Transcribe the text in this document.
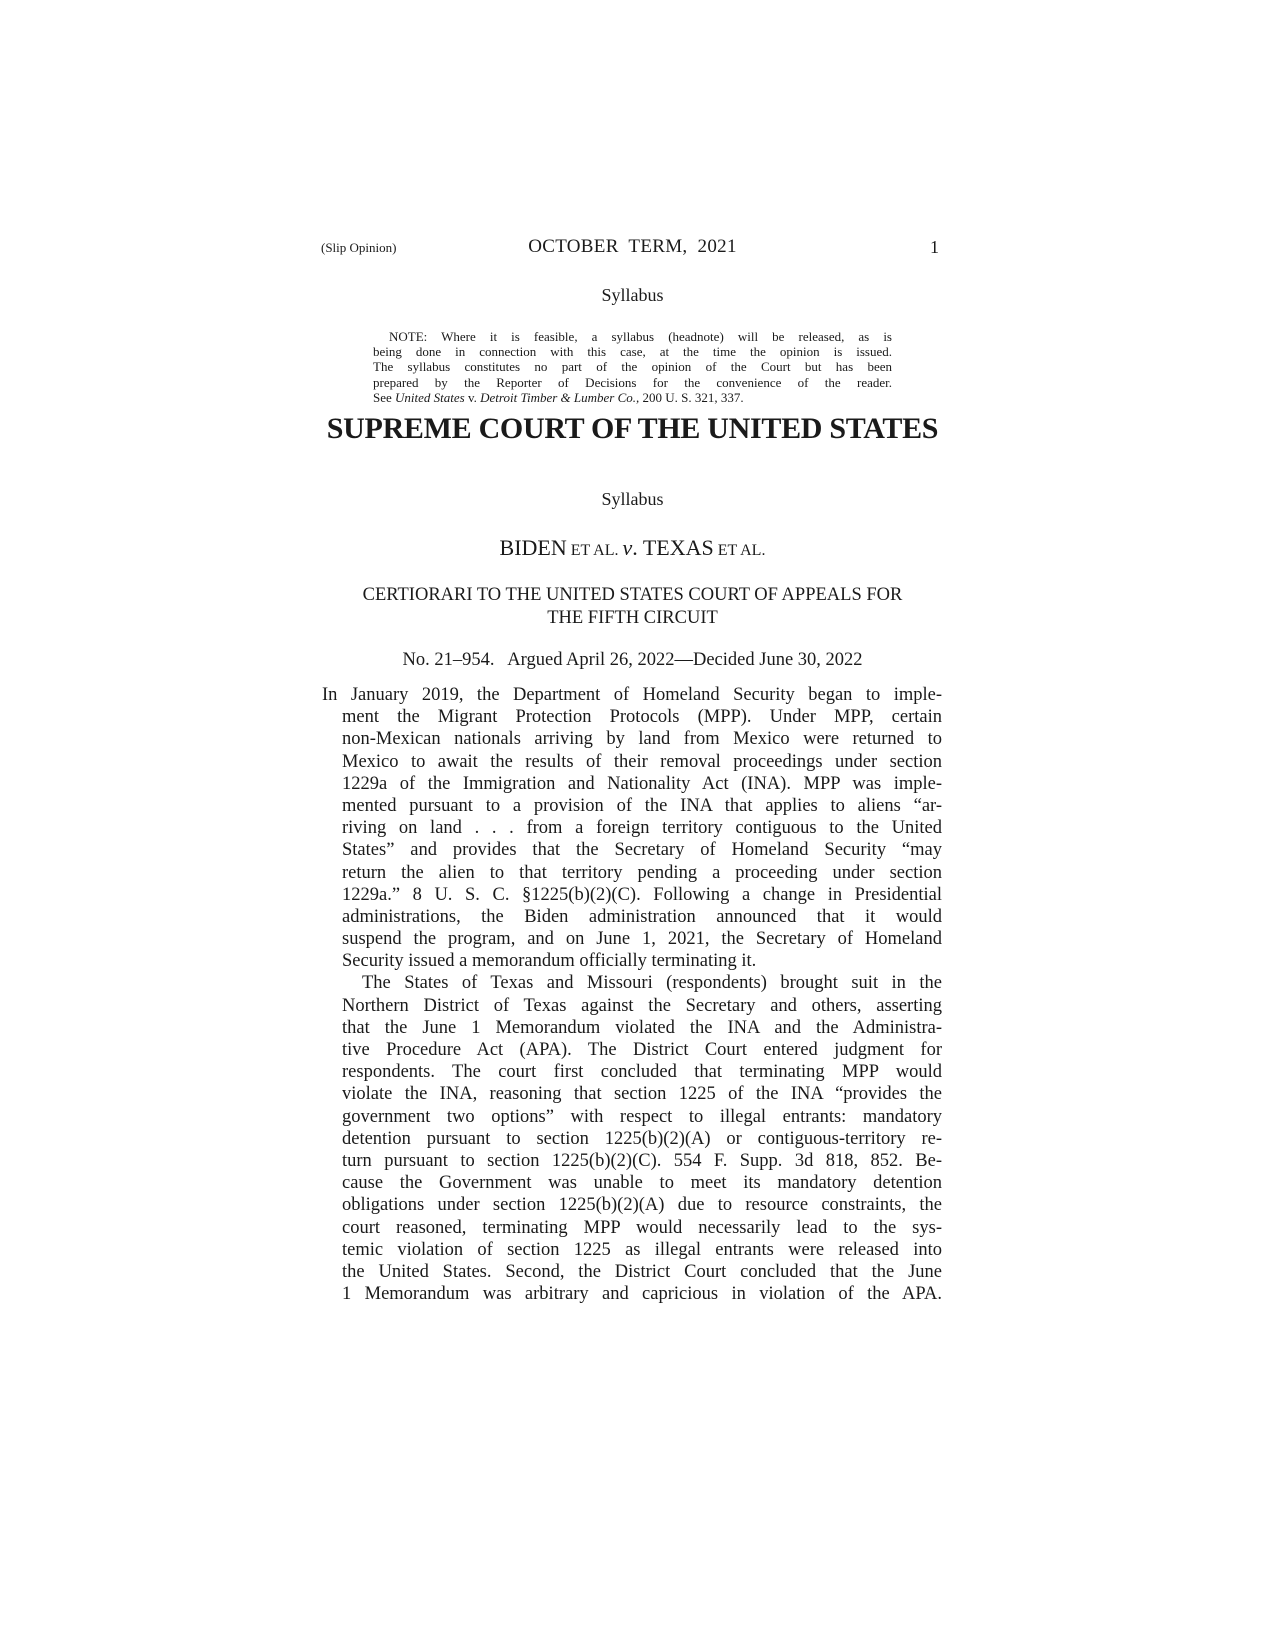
(Slip Opinion)	OCTOBER  TERM,  2021	1
Syllabus
NOTE: Where it is feasible, a syllabus (headnote) will be released, as is
being done in connection with this case, at the time the opinion is issued.
The syllabus constitutes no part of the opinion of the Court but has been
prepared by the Reporter of Decisions for the convenience of the reader.
See United States v. Detroit Timber & Lumber Co., 200 U. S. 321, 337.
SUPREME COURT OF THE UNITED STATES
Syllabus
BIDEN ET AL. v. TEXAS ET AL.
CERTIORARI TO THE UNITED STATES COURT OF APPEALS FOR
THE FIFTH CIRCUIT
No. 21–954.   Argued April 26, 2022—Decided June 30, 2022
In January 2019, the Department of Homeland Security began to imple-
ment the Migrant Protection Protocols (MPP). Under MPP, certain
non-Mexican nationals arriving by land from Mexico were returned to
Mexico to await the results of their removal proceedings under section
1229a of the Immigration and Nationality Act (INA). MPP was imple-
mented pursuant to a provision of the INA that applies to aliens “ar-
riving on land . . . from a foreign territory contiguous to the United
States” and provides that the Secretary of Homeland Security “may
return the alien to that territory pending a proceeding under section
1229a.” 8 U. S. C. §1225(b)(2)(C). Following a change in Presidential
administrations, the Biden administration announced that it would
suspend the program, and on June 1, 2021, the Secretary of Homeland
Security issued a memorandum officially terminating it.
The States of Texas and Missouri (respondents) brought suit in the
Northern District of Texas against the Secretary and others, asserting
that the June 1 Memorandum violated the INA and the Administra-
tive Procedure Act (APA). The District Court entered judgment for
respondents. The court first concluded that terminating MPP would
violate the INA, reasoning that section 1225 of the INA “provides the
government two options” with respect to illegal entrants: mandatory
detention pursuant to section 1225(b)(2)(A) or contiguous-territory re-
turn pursuant to section 1225(b)(2)(C). 554 F. Supp. 3d 818, 852. Be-
cause the Government was unable to meet its mandatory detention
obligations under section 1225(b)(2)(A) due to resource constraints, the
court reasoned, terminating MPP would necessarily lead to the sys-
temic violation of section 1225 as illegal entrants were released into
the United States. Second, the District Court concluded that the June
1 Memorandum was arbitrary and capricious in violation of the APA.
